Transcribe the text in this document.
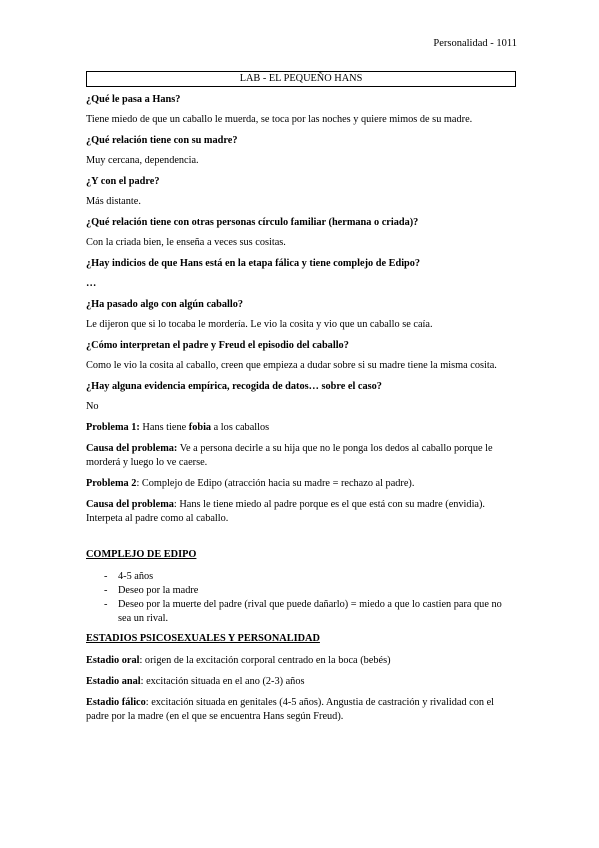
Personalidad - 1011
LAB - EL PEQUEÑO HANS

¿Qué le pasa a Hans?

Tiene miedo de que un caballo le muerda, se toca por las noches y quiere mimos de su madre.

¿Qué relación tiene con su madre?

Muy cercana, dependencia.

¿Y con el padre?

Más distante.

¿Qué relación tiene con otras personas círculo familiar (hermana o criada)?

Con la criada bien, le enseña a veces sus cositas.

¿Hay indicios de que Hans está en la etapa fálica y tiene complejo de Edipo?

…

¿Ha pasado algo con algún caballo?

Le dijeron que si lo tocaba le mordería. Le vio la cosita y vio que un caballo se caía.

¿Cómo interpretan el padre y Freud el episodio del caballo?

Como le vio la cosita al caballo, creen que empieza a dudar sobre si su madre tiene la misma cosita.

¿Hay alguna evidencia empírica, recogida de datos… sobre el caso?

No

Problema 1: Hans tiene fobia a los caballos

Causa del problema: Ve a persona decirle a su hija que no le ponga los dedos al caballo porque le morderá y luego lo ve caerse.

Problema 2: Complejo de Edipo (atracción hacia su madre = rechazo al padre).

Causa del problema: Hans le tiene miedo al padre porque es el que está con su madre (envidia). Interpeta al padre como al caballo.

COMPLEJO DE EDIPO

- 4-5 años
- Deseo por la madre
- Deseo por la muerte del padre (rival que puede dañarlo) = miedo a que lo castien para que no sea un rival.

ESTADIOS PSICOSEXUALES Y PERSONALIDAD

Estadio oral: origen de la excitación corporal centrado en la boca (bebés)

Estadio anal: excitación situada en el ano (2-3) años

Estadio fálico: excitación situada en genitales (4-5 años). Angustia de castración y rivalidad con el padre por la madre (en el que se encuentra Hans según Freud).
